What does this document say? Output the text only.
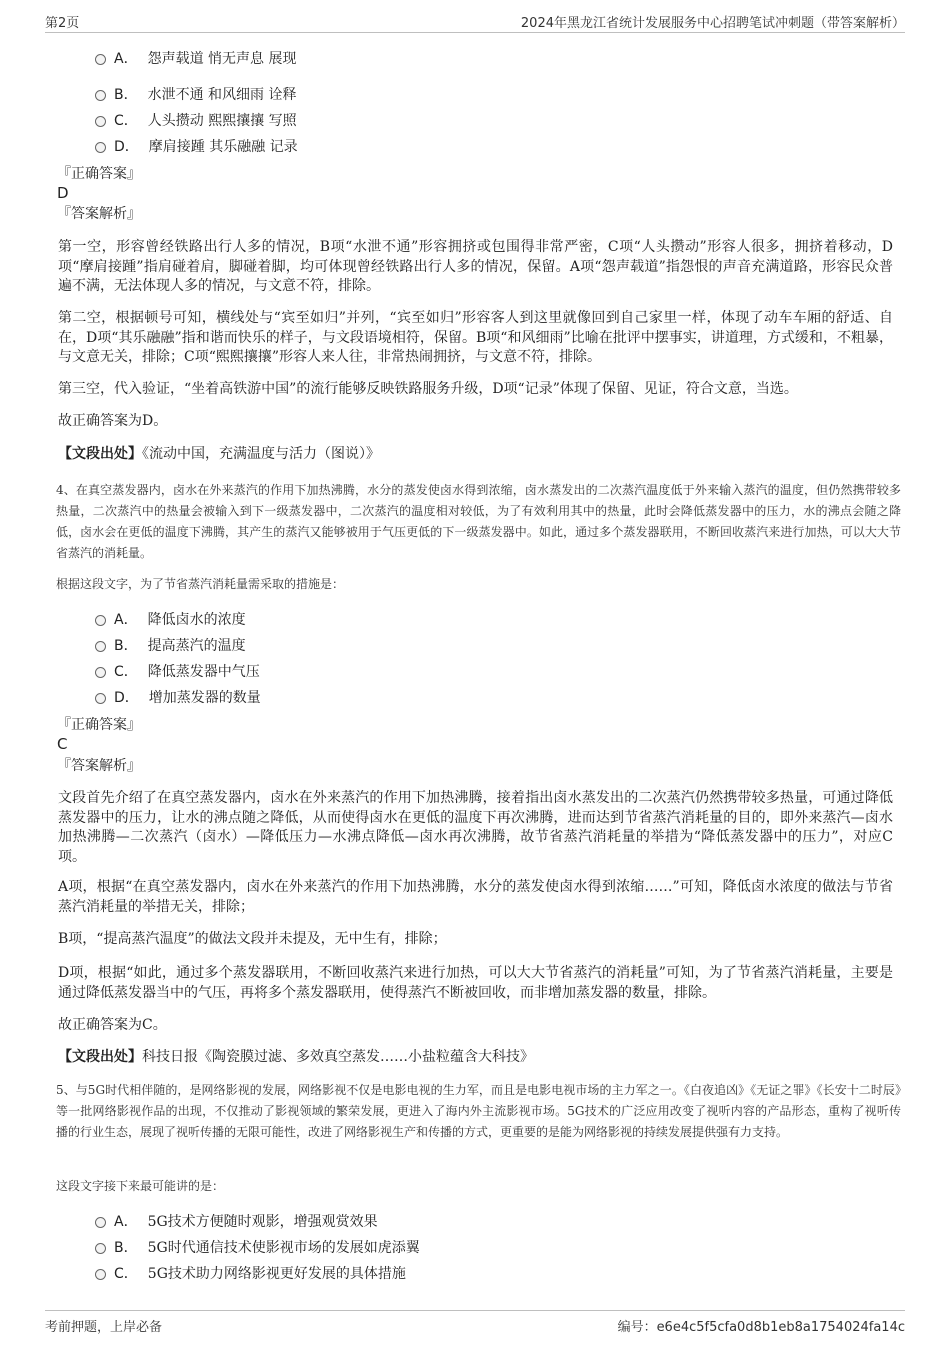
第2页	2024年黑龙江省统计发展服务中心招聘笔试冲刺题（带答案解析）
A． 怨声载道 悄无声息 展现
B． 水泄不通 和风细雨 诠释
C． 人头攒动 熙熙攘攘 写照
D． 摩肩接踵 其乐融融 记录
『正确答案』
D
『答案解析』

第一空，形容曾经铁路出行人多的情况，B项“水泄不通”形容拥挤或包围得非常严密，C项“人头攒动”形容人很多，拥挤着移动，D项“摩肩接踵”指肩碰着肩，脚碰着脚，均可体现曾经铁路出行人多的情况，保留。A项“怨声载道”指怨恨的声音充满道路，形容民众普遍不满，无法体现人多的情况，与文意不符，排除。

第二空，根据顿号可知，横线处与“宾至如归”并列，“宾至如归”形容客人到这里就像回到自己家里一样，体现了动车车厢的舒适、自在，D项“其乐融融”指和谐而快乐的样子，与文段语境相符，保留。B项“和风细雨”比喻在批评中摆事实，讲道理，方式缓和，不粗暴，与文意无关，排除；C项“熙熙攘攘”形容人来人往，非常热闹拥挤，与文意不符，排除。

第三空，代入验证，“坐着高铁游中国”的流行能够反映铁路服务升级，D项“记录”体现了保留、见证，符合文意，当选。

故正确答案为D。

【文段出处】《流动中国，充满温度与活力（图说）》

4、在真空蒸发器内，卤水在外来蒸汽的作用下加热沸腾，水分的蒸发使卤水得到浓缩，卤水蒸发出的二次蒸汽温度低于外来输入蒸汽的温度，但仍然携带较多热量，二次蒸汽中的热量会被输入到下一级蒸发器中，二次蒸汽的温度相对较低，为了有效利用其中的热量，此时会降低蒸发器中的压力，水的沸点会随之降低，卤水会在更低的温度下沸腾，其产生的蒸汽又能够被用于气压更低的下一级蒸发器中。如此，通过多个蒸发器联用，不断回收蒸汽来进行加热，可以大大节省蒸汽的消耗量。

根据这段文字，为了节省蒸汽消耗量需采取的措施是：

A． 降低卤水的浓度
B． 提高蒸汽的温度
C． 降低蒸发器中气压
D． 增加蒸发器的数量
『正确答案』
C
『答案解析』

文段首先介绍了在真空蒸发器内，卤水在外来蒸汽的作用下加热沸腾，接着指出卤水蒸发出的二次蒸汽仍然携带较多热量，可通过降低蒸发器中的压力，让水的沸点随之降低，从而使得卤水在更低的温度下再次沸腾，进而达到节省蒸汽消耗量的目的，即外来蒸汽—卤水加热沸腾—二次蒸汽（卤水）—降低压力—水沸点降低—卤水再次沸腾，故节省蒸汽消耗量的举措为“降低蒸发器中的压力”，对应C项。

A项，根据“在真空蒸发器内，卤水在外来蒸汽的作用下加热沸腾，水分的蒸发使卤水得到浓缩……”可知，降低卤水浓度的做法与节省蒸汽消耗量的举措无关，排除；

B项，“提高蒸汽温度”的做法文段并未提及，无中生有，排除；

D项，根据“如此，通过多个蒸发器联用，不断回收蒸汽来进行加热，可以大大节省蒸汽的消耗量”可知，为了节省蒸汽消耗量，主要是通过降低蒸发器当中的气压，再将多个蒸发器联用，使得蒸汽不断被回收，而非增加蒸发器的数量，排除。

故正确答案为C。

【文段出处】科技日报《陶瓷膜过滤、多效真空蒸发……小盐粒蕴含大科技》

5、与5G时代相伴随的，是网络影视的发展，网络影视不仅是电影电视的生力军，而且是电影电视市场的主力军之一。《白夜追凶》《无证之罪》《长安十二时辰》等一批网络影视作品的出现，不仅推动了影视领域的繁荣发展，更进入了海内外主流影视市场。5G技术的广泛应用改变了视听内容的产品形态，重构了视听传播的行业生态，展现了视听传播的无限可能性，改进了网络影视生产和传播的方式，更重要的是能为网络影视的持续发展提供强有力支持。

这段文字接下来最可能讲的是：

A． 5G技术方便随时观影，增强观赏效果
B． 5G时代通信技术使影视市场的发展如虎添翼
C． 5G技术助力网络影视更好发展的具体措施
考前押题，上岸必备	编号：e6e4c5f5cfa0d8b1eb8a1754024fa14c
